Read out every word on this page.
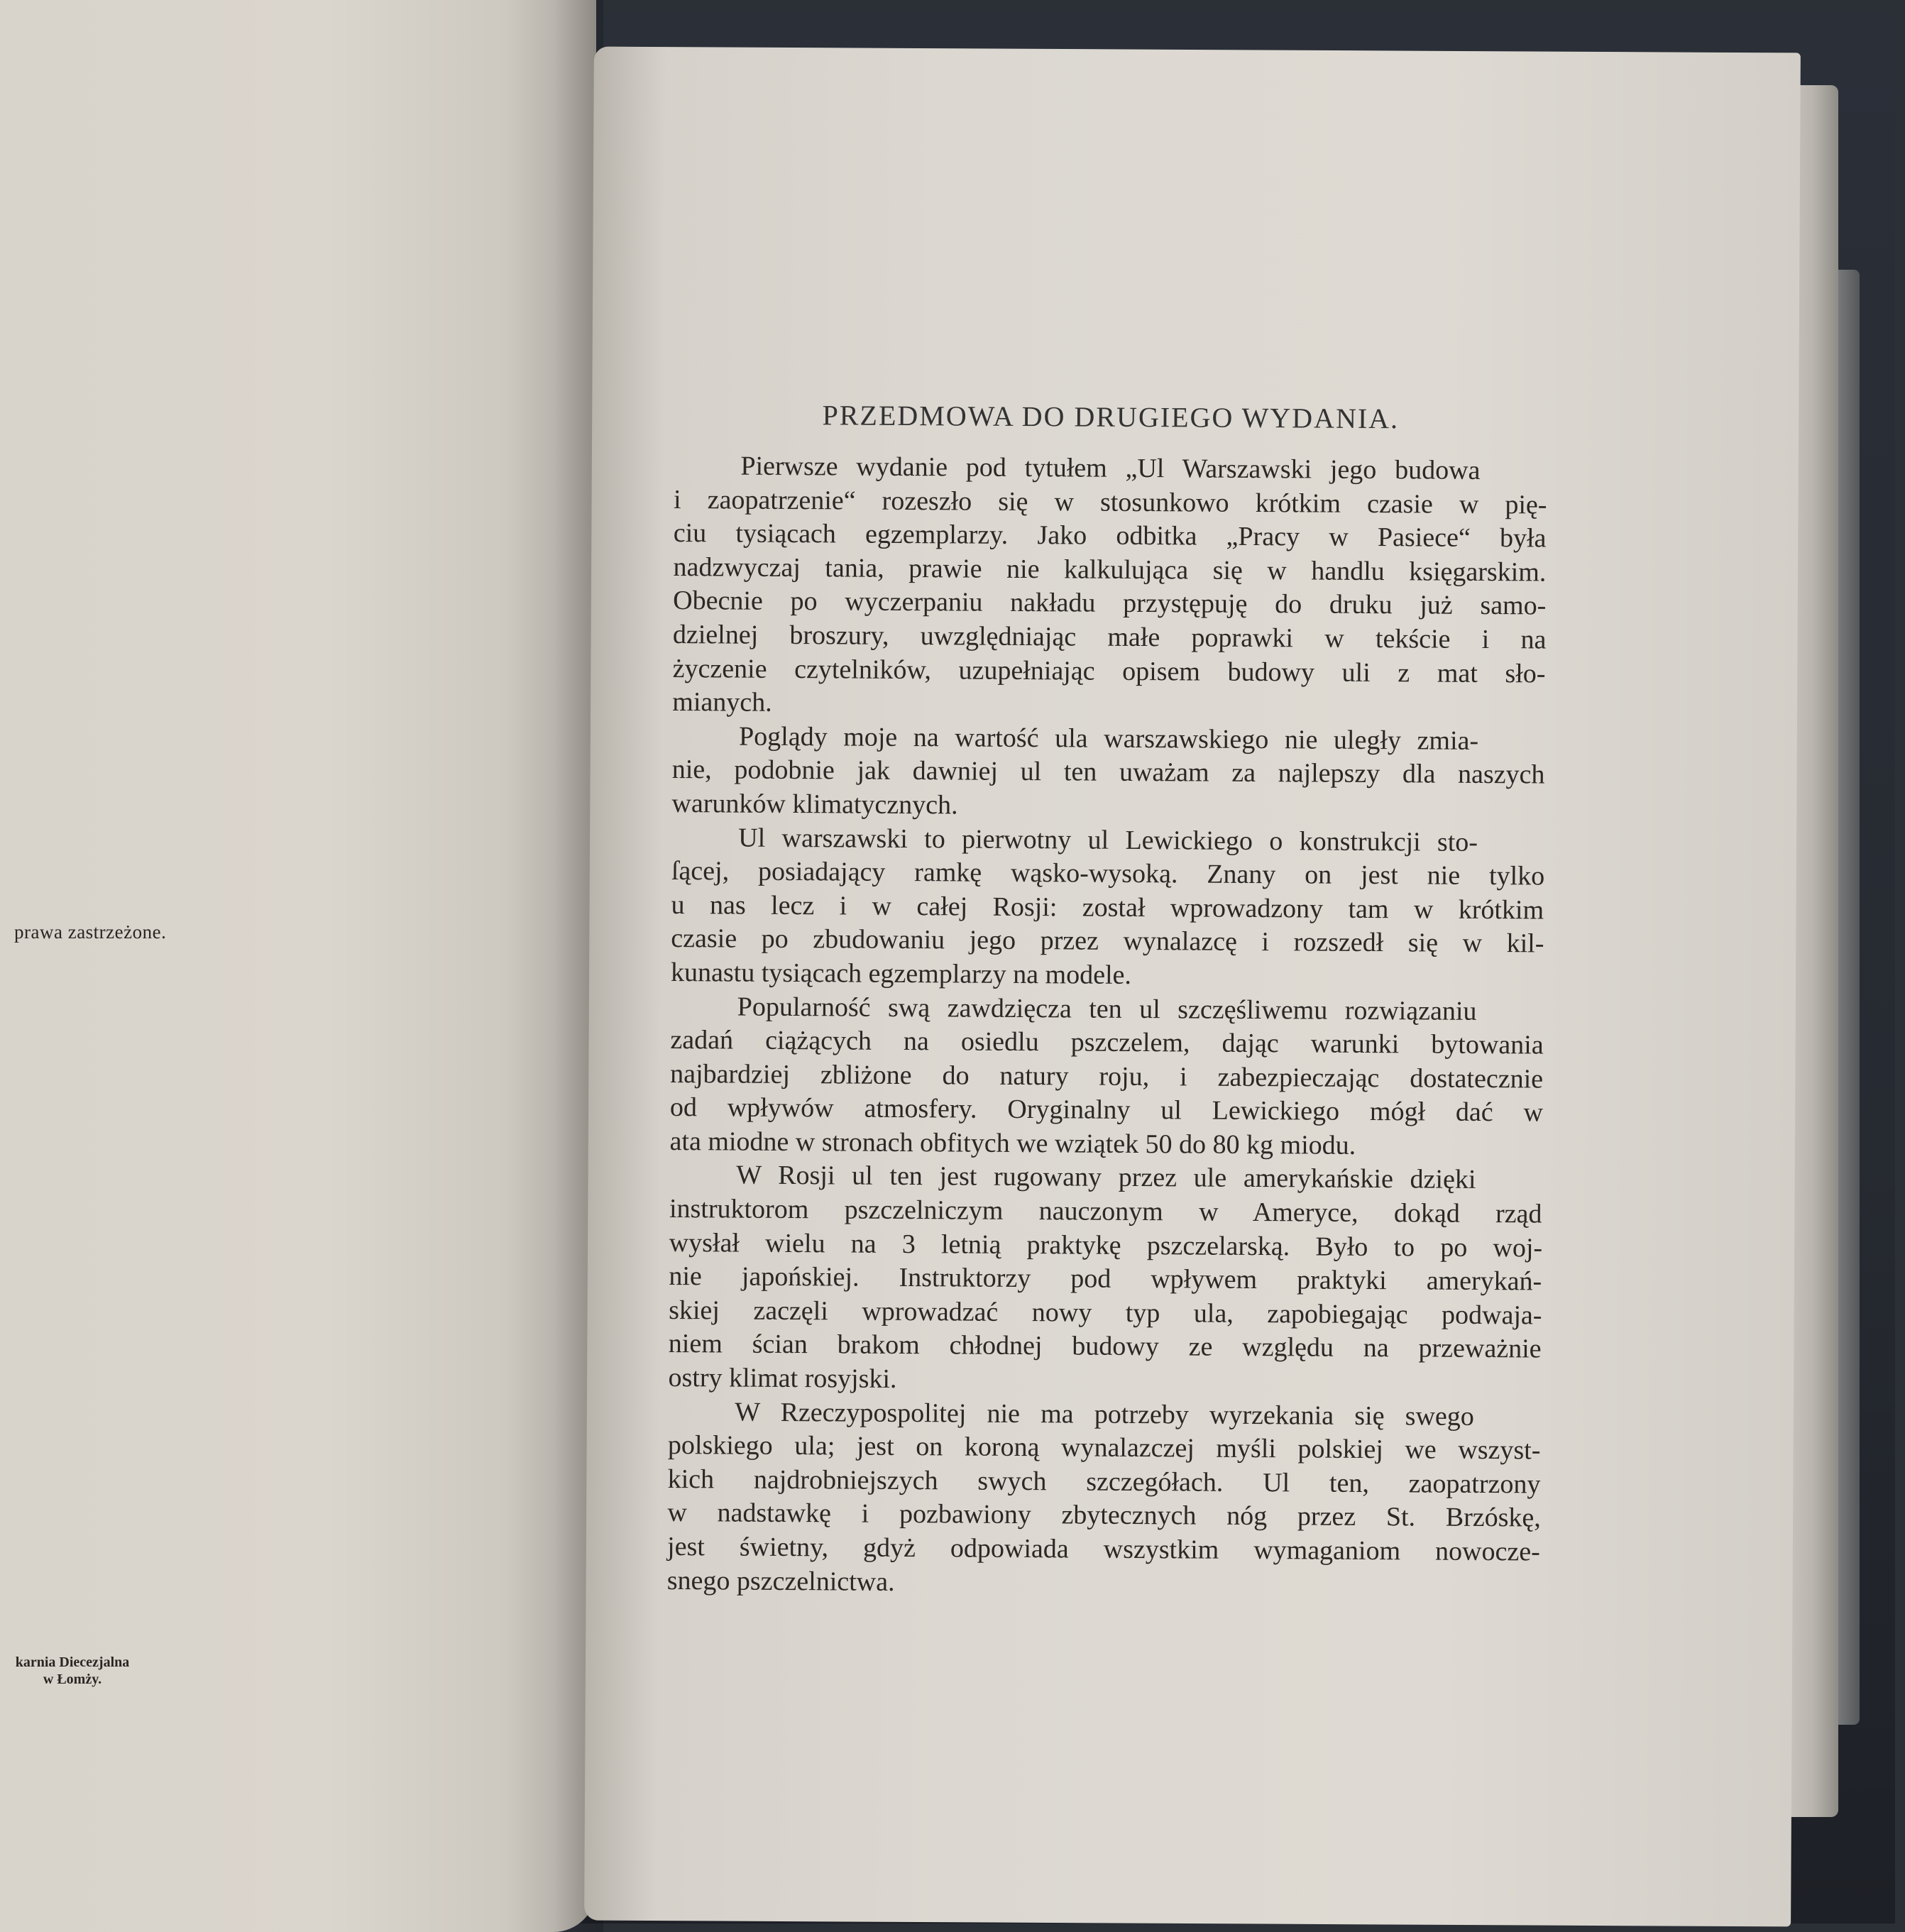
prawa zastrzeżone.
karnia Diecezjalna
w Łomży.
PRZEDMOWA DO DRUGIEGO WYDANIA.
Pierwsze wydanie pod tytułem „Ul Warszawski jego budowa
i zaopatrzenie“ rozeszło się w stosunkowo krótkim czasie w pię-
ciu tysiącach egzemplarzy. Jako odbitka „Pracy w Pasiece“ była
nadzwyczaj tania, prawie nie kalkulująca się w handlu księgarskim.
Obecnie po wyczerpaniu nakładu przystępuję do druku już samo-
dzielnej broszury, uwzględniając małe poprawki w tekście i na
życzenie czytelników, uzupełniając opisem budowy uli z mat sło-
mianych.
Poglądy moje na wartość ula warszawskiego nie uległy zmia-
nie, podobnie jak dawniej ul ten uważam za najlepszy dla naszych
warunków klimatycznych.
Ul warszawski to pierwotny ul Lewickiego o konstrukcji sto-
ſącej, posiadający ramkę wąsko-wysoką. Znany on jest nie tylko
u nas lecz i w całej Rosji: został wprowadzony tam w krótkim
czasie po zbudowaniu jego przez wynalazcę i rozszedł się w kil-
kunastu tysiącach egzemplarzy na modele.
Popularność swą zawdzięcza ten ul szczęśliwemu rozwiązaniu
zadań ciążących na osiedlu pszczelem, dając warunki bytowania
najbardziej zbliżone do natury roju, i zabezpieczając dostatecznie
od wpływów atmosfery. Oryginalny ul Lewickiego mógł dać w
ata miodne w stronach obfitych we wziątek 50 do 80 kg miodu.
W Rosji ul ten jest rugowany przez ule amerykańskie dzięki
instruktorom pszczelniczym nauczonym w Ameryce, dokąd rząd
wysłał wielu na 3 letnią praktykę pszczelarską. Było to po woj-
nie japońskiej. Instruktorzy pod wpływem praktyki amerykań-
skiej zaczęli wprowadzać nowy typ ula, zapobiegając podwaja-
niem ścian brakom chłodnej budowy ze względu na przeważnie
ostry klimat rosyjski.
W Rzeczypospolitej nie ma potrzeby wyrzekania się swego
polskiego ula; jest on koroną wynalazczej myśli polskiej we wszyst-
kich najdrobniejszych swych szczegółach. Ul ten, zaopatrzony
w nadstawkę i pozbawiony zbytecznych nóg przez St. Brzóskę,
jest świetny, gdyż odpowiada wszystkim wymaganiom nowocze-
snego pszczelnictwa.
